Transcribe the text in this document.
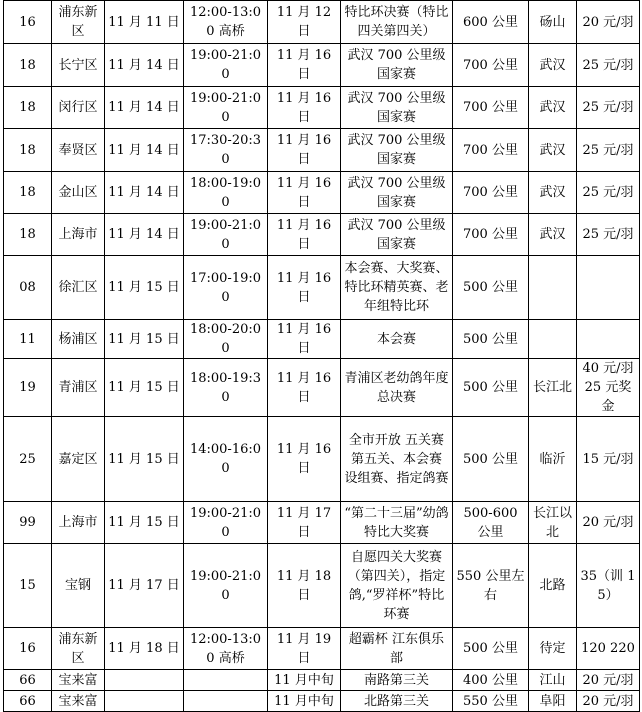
16	浦东新区	11 月 11 日	12:00-13:00 高桥	11 月 12 日	特比环决赛（特比四关第四关）	600 公里	砀山	20 元/羽
18	长宁区	11 月 14 日	19:00-21:00	11 月 16 日	武汉 700 公里级国家赛	700 公里	武汉	25 元/羽
18	闵行区	11 月 14 日	19:00-21:00	11 月 16 日	武汉 700 公里级国家赛	700 公里	武汉	25 元/羽
18	奉贤区	11 月 14 日	17:30-20:30	11 月 16 日	武汉 700 公里级国家赛	700 公里	武汉	25 元/羽
18	金山区	11 月 14 日	18:00-19:00	11 月 16 日	武汉 700 公里级国家赛	700 公里	武汉	25 元/羽
18	上海市	11 月 14 日	19:00-21:00	11 月 16 日	武汉 700 公里级国家赛	700 公里	武汉	25 元/羽
08	徐汇区	11 月 15 日	17:00-19:00	11 月 16 日	本会赛、大奖赛、特比环精英赛、老年组特比环	500 公里		
11	杨浦区	11 月 15 日	18:00-20:00	11 月 16 日	本会赛	500 公里		
19	青浦区	11 月 15 日	18:00-19:30	11 月 16 日	青浦区老幼鸽年度总决赛	500 公里	长江北	40 元/羽 25 元奖金
25	嘉定区	11 月 15 日	14:00-16:00	11 月 16 日	全市开放 五关赛第五关、本会赛 设组赛、指定鸽赛	500 公里	临沂	15 元/羽
99	上海市	11 月 15 日	19:00-21:00	11 月 17 日	“第二十三届”幼鸽特比大奖赛	500-600 公里	长江以北	20 元/羽
15	宝钢	11 月 17 日	19:00-21:00	11 月 18 日	自愿四关大奖赛（第四关），指定鸽,“罗祥杯”特比环赛	550 公里左右	北路	35（训 15）
16	浦东新区	11 月 18 日	12:00-13:00 高桥	11 月 19 日	超霸杯 江东俱乐部	500 公里	待定	120 220
66	宝来富			11 月中旬	南路第三关	400 公里	江山	20 元/羽
66	宝来富			11 月中旬	北路第三关	550 公里	阜阳	20 元/羽
